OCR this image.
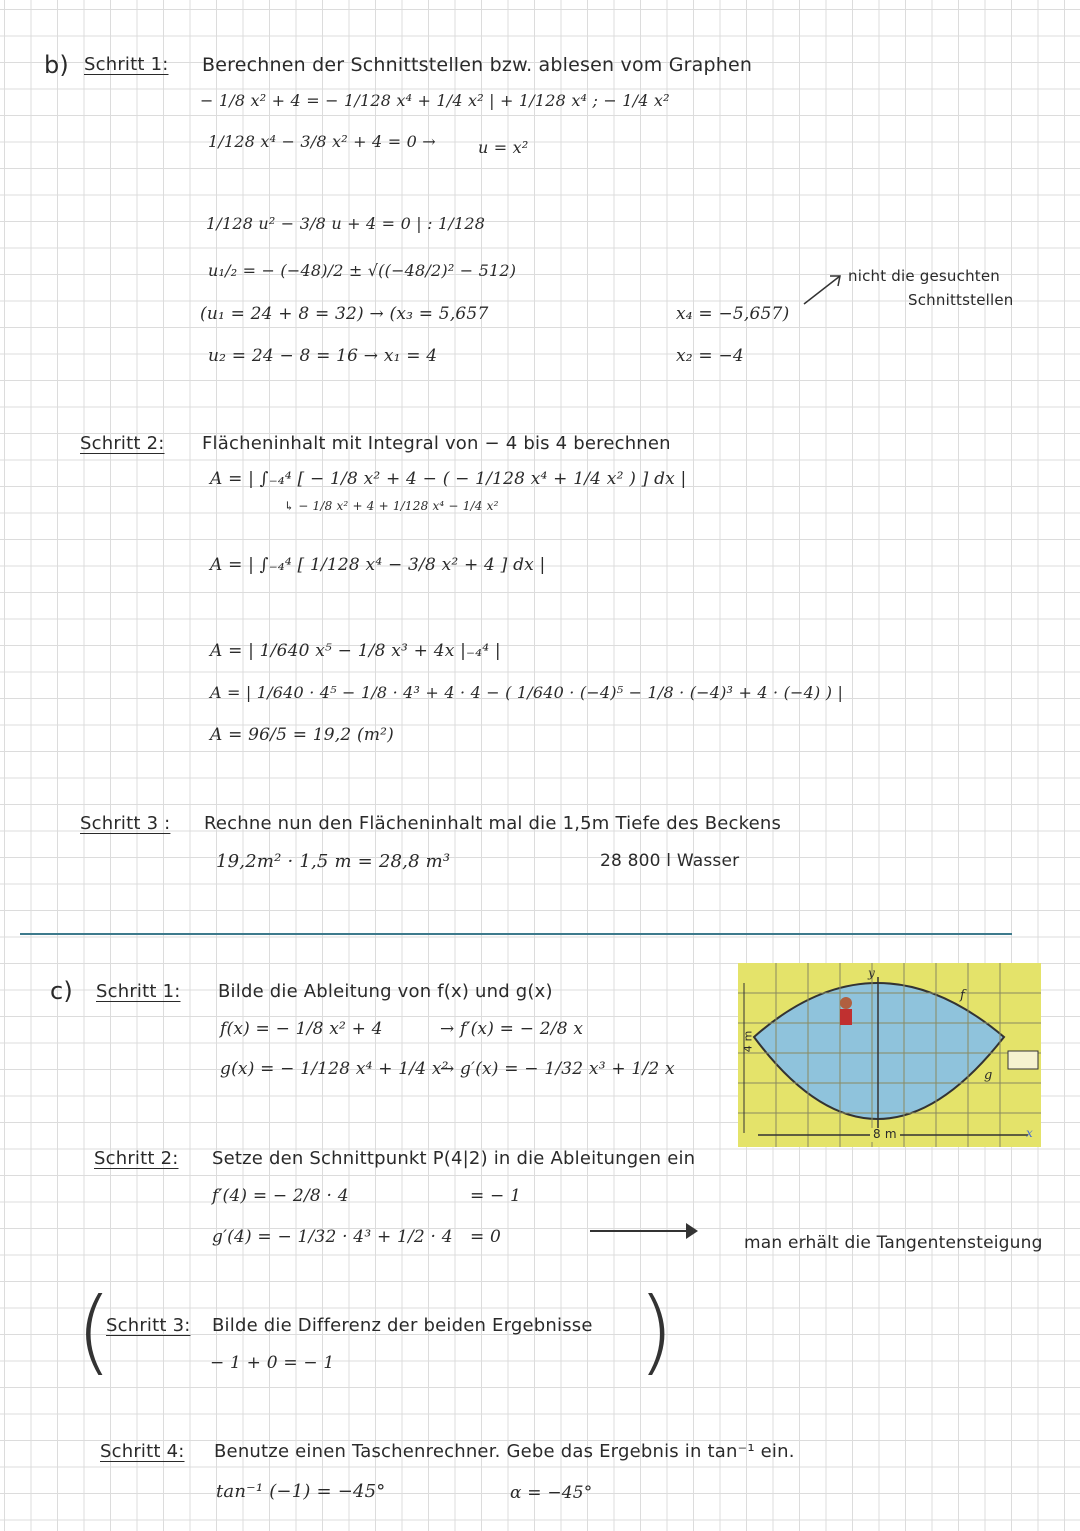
b) Schritt 1: Berechnen der Schnittstellen bzw. ablesen vom Graphen
− 1/8 x² + 4 = − 1/128 x⁴ + 1/4 x² | + 1/128 x⁴ ; − 1/4 x²
1/128 x⁴ − 3/8 x² + 4 = 0 →	u = x²
1/128 u² − 3/8 u + 4 = 0 | : 1/128
u₁/₂ = − (−48)/2 ± √((−48/2)² − 512)
(u₁ = 24 + 8 = 32) → (x₃ = 5,657	x₄ = −5,657)
u₂ = 24 − 8 = 16 → x₁ = 4	x₂ = −4
nicht die gesuchten
Schnittstellen
Schritt 2: Flächeninhalt mit Integral von − 4 bis 4 berechnen
A = | ∫₋₄⁴ [ − 1/8 x² + 4 − ( − 1/128 x⁴ + 1/4 x² ) ] dx |
↳ − 1/8 x² + 4 + 1/128 x⁴ − 1/4 x²
A = | ∫₋₄⁴ [ 1/128 x⁴ − 3/8 x² + 4 ] dx |
A = | 1/640 x⁵ − 1/8 x³ + 4x |₋₄⁴ |
A = | 1/640 · 4⁵ − 1/8 · 4³ + 4 · 4 − ( 1/640 · (−4)⁵ − 1/8 · (−4)³ + 4 · (−4) ) |
A = 96/5 = 19,2 (m²)
Schritt 3 : Rechne nun den Flächeninhalt mal die 1,5m Tiefe des Beckens
19,2m² · 1,5 m = 28,8 m³	28 800 l Wasser
c) Schritt 1: Bilde die Ableitung von f(x) und g(x)
f(x) = − 1/8 x² + 4	→ f′(x) = − 2/8 x
g(x) = − 1/128 x⁴ + 1/4 x²
→ g′(x) = − 1/32 x³ + 1/2 x
y
f
g
x
4 m
8 m
Schritt 2: Setze den Schnittpunkt P(4|2) in die Ableitungen ein
f′(4) = − 2/8 · 4	= − 1
g′(4) = − 1/32 · 4³ + 1/2 · 4 = 0	man erhält die Tangentensteigung
(
Schritt 3: Bilde die Differenz der beiden Ergebnisse
− 1 + 0 = − 1	)
Schritt 4: Benutze einen Taschenrechner. Gebe das Ergebnis in tan⁻¹ ein.
tan⁻¹ (−1) = −45°	α = −45°
